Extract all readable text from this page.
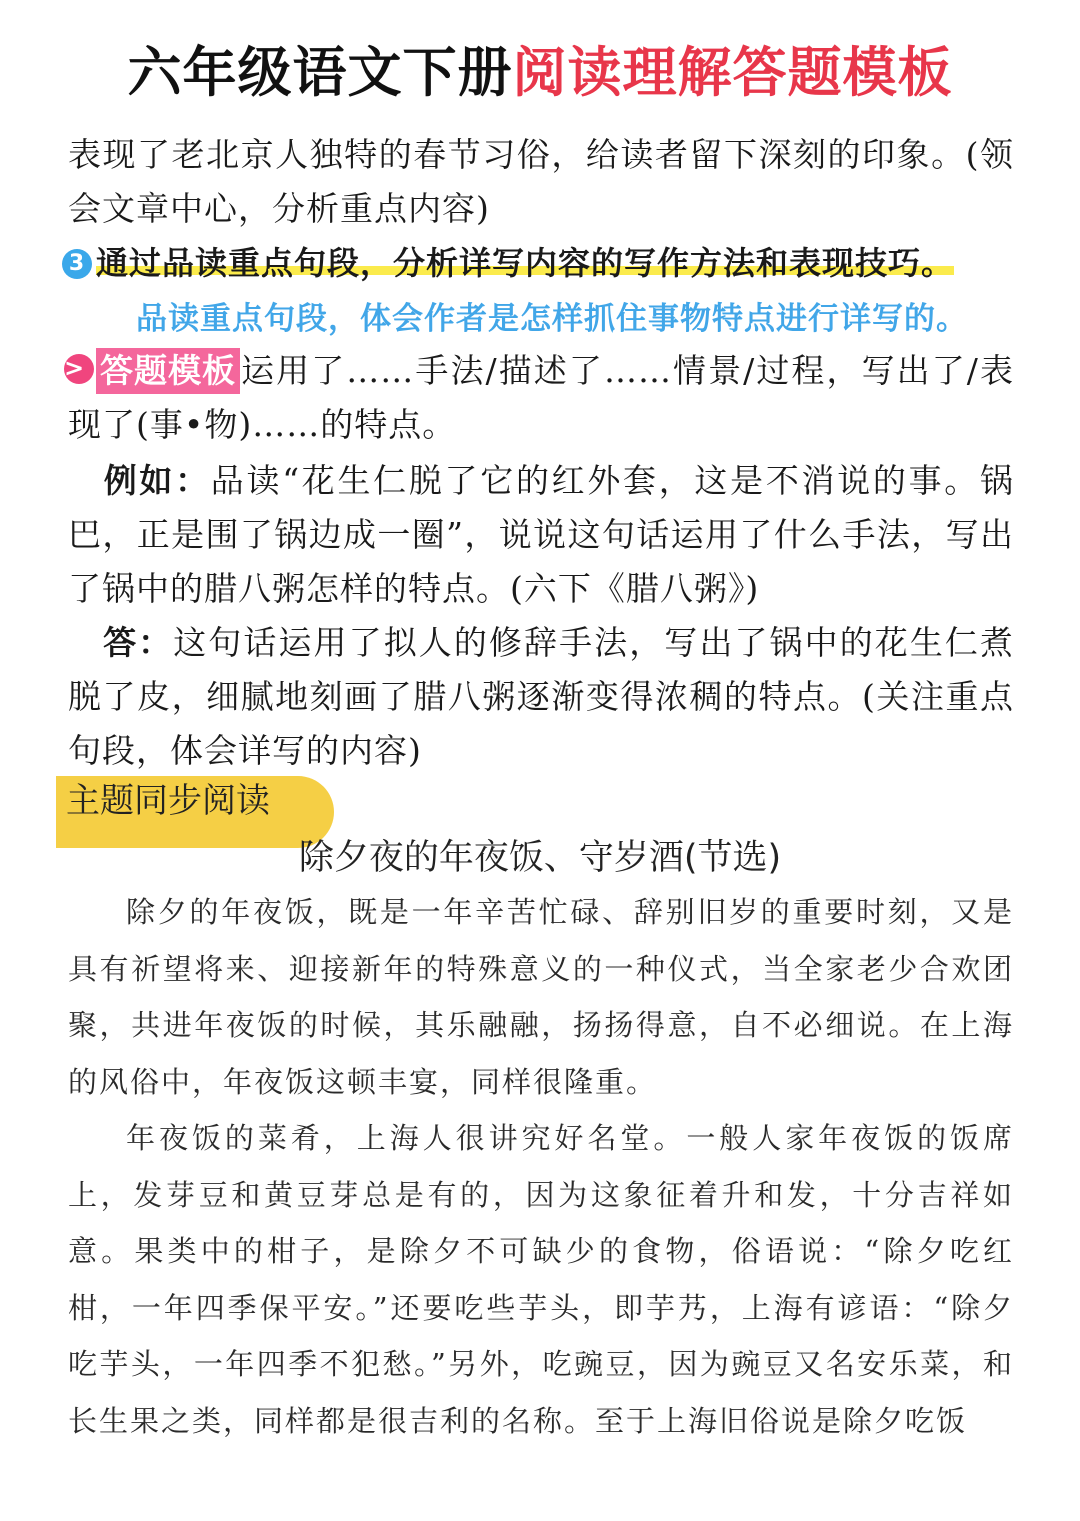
六年级语文下册阅读理解答题模板
表现了老北京人独特的春节习俗，给读者留下深刻的印象。(领会文章中心，分析重点内容)
3 通过品读重点句段，分析详写内容的写作方法和表现技巧。
品读重点句段，体会作者是怎样抓住事物特点进行详写的。
> 答题模板 运用了……手法/描述了……情景/过程，写出了/表现了(事•物)……的特点。
例如：品读“花生仁脱了它的红外套，这是不消说的事。锅巴，正是围了锅边成一圈”，说说这句话运用了什么手法，写出了锅中的腊八粥怎样的特点。(六下《腊八粥》)
答：这句话运用了拟人的修辞手法，写出了锅中的花生仁煮脱了皮，细腻地刻画了腊八粥逐渐变得浓稠的特点。(关注重点句段，体会详写的内容)
主题同步阅读
除夕夜的年夜饭、守岁酒(节选)

除夕的年夜饭，既是一年辛苦忙碌、辞别旧岁的重要时刻，又是具有祈望将来、迎接新年的特殊意义的一种仪式，当全家老少合欢团聚，共进年夜饭的时候，其乐融融，扬扬得意，自不必细说。在上海的风俗中，年夜饭这顿丰宴，同样很隆重。

年夜饭的菜肴，上海人很讲究好名堂。一般人家年夜饭的饭席上，发芽豆和黄豆芽总是有的，因为这象征着升和发，十分吉祥如意。果类中的柑子，是除夕不可缺少的食物，俗语说：“除夕吃红柑，一年四季保平安。”还要吃些芋头，即芋艿，上海有谚语：“除夕吃芋头，一年四季不犯愁。”另外，吃豌豆，因为豌豆又名安乐菜，和长生果之类，同样都是很吉利的名称。至于上海旧俗说是除夕吃饭
